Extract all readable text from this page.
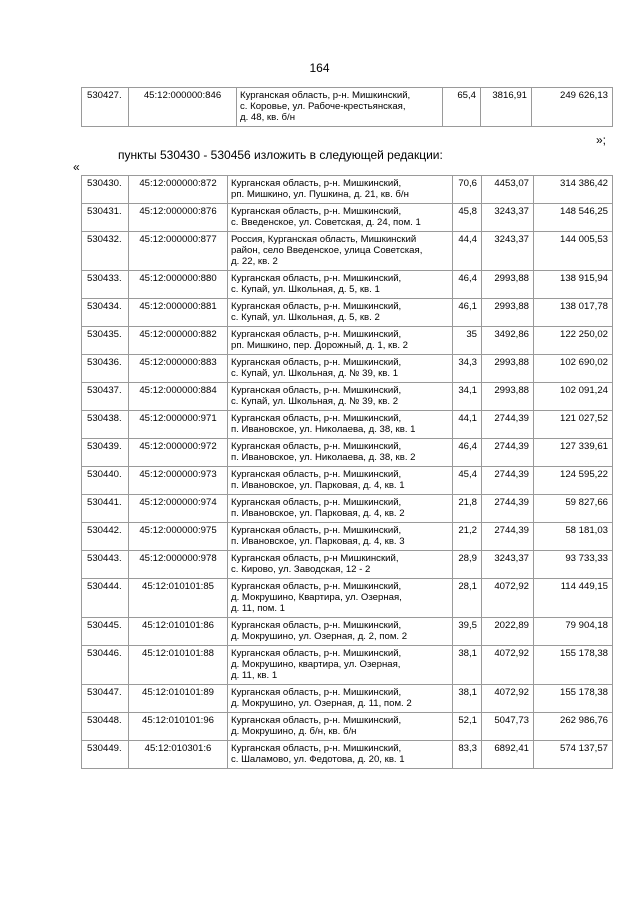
164
530427.	45:12:000000:846	Курганская область, р-н. Мишкинский,
с. Коровье, ул. Рабоче-крестьянская,
д. 48, кв. б/н
	65,4	3816,91	249 626,13
»;
пункты 530430 - 530456 изложить в следующей редакции:
«
530430.	45:12:000000:872	Курганская область, р-н. Мишкинский,
рп. Мишкино, ул. Пушкина, д. 21, кв. б/н	70,6	4453,07	314 386,42
530431.	45:12:000000:876	Курганская область, р-н. Мишкинский,
с. Введенское, ул. Советская, д. 24, пом. 1	45,8	3243,37	148 546,25
530432.	45:12:000000:877	Россия, Курганская область, Мишкинский
район, село Введенское, улица Советская,
д. 22, кв. 2	44,4	3243,37	144 005,53
530433.	45:12:000000:880	Курганская область, р-н. Мишкинский,
с. Купай, ул. Школьная, д. 5, кв. 1	46,4	2993,88	138 915,94
530434.	45:12:000000:881	Курганская область, р-н. Мишкинский,
с. Купай, ул. Школьная, д. 5, кв. 2	46,1	2993,88	138 017,78
530435.	45:12:000000:882	Курганская область, р-н. Мишкинский,
рп. Мишкино, пер. Дорожный, д. 1, кв. 2	35	3492,86	122 250,02
530436.	45:12:000000:883	Курганская область, р-н. Мишкинский,
с. Купай, ул. Школьная, д. № 39, кв. 1	34,3	2993,88	102 690,02
530437.	45:12:000000:884	Курганская область, р-н. Мишкинский,
с. Купай, ул. Школьная, д. № 39, кв. 2	34,1	2993,88	102 091,24
530438.	45:12:000000:971	Курганская область, р-н. Мишкинский,
п. Ивановское, ул. Николаева, д. 38, кв. 1	44,1	2744,39	121 027,52
530439.	45:12:000000:972	Курганская область, р-н. Мишкинский,
п. Ивановское, ул. Николаева, д. 38, кв. 2	46,4	2744,39	127 339,61
530440.	45:12:000000:973	Курганская область, р-н. Мишкинский,
п. Ивановское, ул. Парковая, д. 4, кв. 1	45,4	2744,39	124 595,22
530441.	45:12:000000:974	Курганская область, р-н. Мишкинский,
п. Ивановское, ул. Парковая, д. 4, кв. 2	21,8	2744,39	59 827,66
530442.	45:12:000000:975	Курганская область, р-н. Мишкинский,
п. Ивановское, ул. Парковая, д. 4, кв. 3	21,2	2744,39	58 181,03
530443.	45:12:000000:978	Курганская область, р-н Мишкинский,
с. Кирово, ул. Заводская, 12 - 2	28,9	3243,37	93 733,33
530444.	45:12:010101:85	Курганская область, р-н. Мишкинский,
д. Мокрушино, Квартира, ул. Озерная,
д. 11, пом. 1	28,1	4072,92	114 449,15
530445.	45:12:010101:86	Курганская область, р-н. Мишкинский,
д. Мокрушино, ул. Озерная, д. 2, пом. 2	39,5	2022,89	79 904,18
530446.	45:12:010101:88	Курганская область, р-н. Мишкинский,
д. Мокрушино, квартира, ул. Озерная,
д. 11, кв. 1	38,1	4072,92	155 178,38
530447.	45:12:010101:89	Курганская область, р-н. Мишкинский,
д. Мокрушино, ул. Озерная, д. 11, пом. 2	38,1	4072,92	155 178,38
530448.	45:12:010101:96	Курганская область, р-н. Мишкинский,
д. Мокрушино, д. б/н, кв. б/н	52,1	5047,73	262 986,76
530449.	45:12:010301:6	Курганская область, р-н. Мишкинский,
с. Шаламово, ул. Федотова, д. 20, кв. 1	83,3	6892,41	574 137,57
